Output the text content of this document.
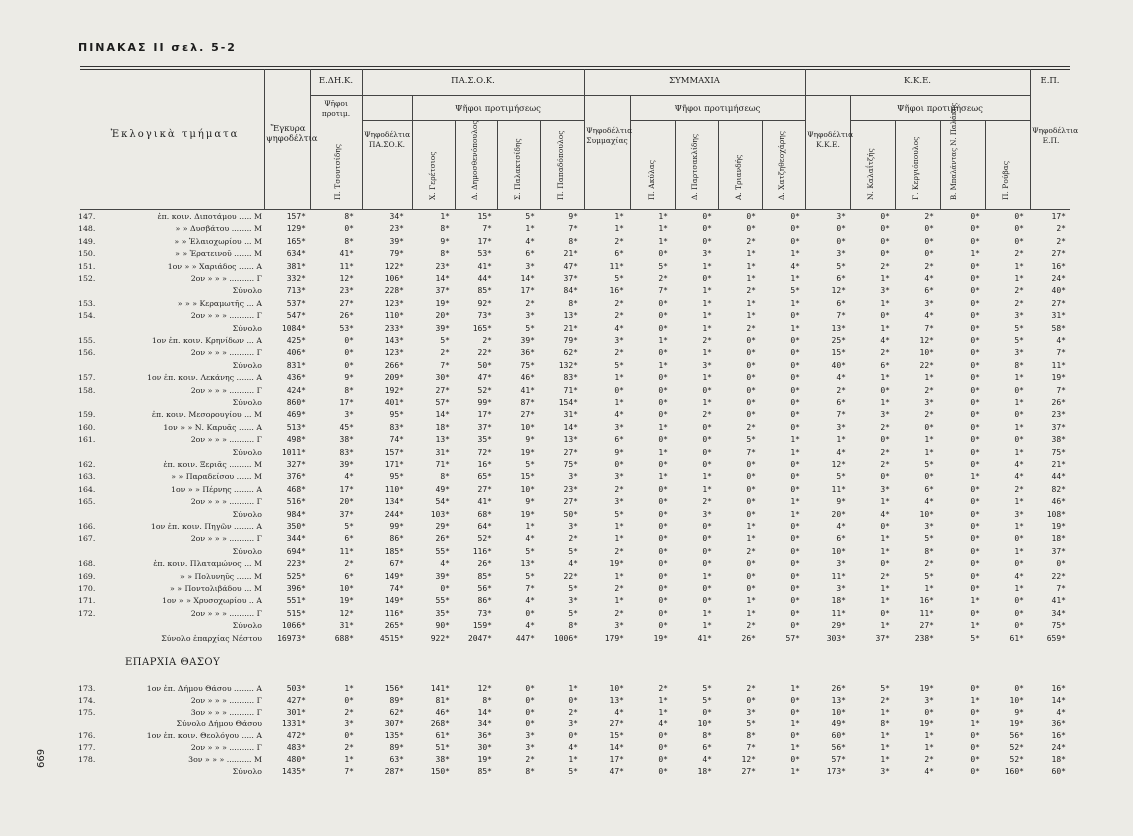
ΠΙΝΑΚΑΣ ΙΙ σελ. 5-2
Ἐκλογικὰ τμήματα	Ἔγκυρα ψηφοδέλτια
Ε.ΔΗ.Κ.	ΠΑ.Σ.Ο.Κ.	ΣΥΜΜΑΧΙΑ	Κ.Κ.Ε.	Ε.Π.
Ψῆφοι προτιμ.	Ψῆφοι προτιμήσεως	Ψῆφοι προτιμήσεως	Ψῆφοι προτιμήσεως
Ψηφοδέλτια ΠΑ.ΣΟ.Κ.
Ψηφοδέλτια Συμμαχίας
Ψηφοδέλτια Κ.Κ.Ε.
Ψηφοδέλτια Ε.Π.
Π. Τσουτσίδης	Χ. Γερέτσιος	Δ. Δημοσθενόπουλος	Σ. Παλακτσίδης	Π. Παπαδόπουλος	Π. Ακύλας	Δ. Παρτσακλίδης	Α. Τριανδής	Δ. Χατζηθεοχάρης	Ν. Καλαΐτζής	Γ. Κεργιόπουλος	Β. Μπαλάντας Ν. Παλάκης	Π. Ρούβας
147.	ἐπ. κοιν. Διποτάμου ..... Μ	157*	8*	34*	1*	15*	5*	9*	1*	1*	0*	0*	0*	3*	0*	2*	0*	0*	17*
148.	» » Δυσβάτου ........ Μ	129*	0*	23*	8*	7*	1*	7*	1*	1*	0*	0*	0*	0*	0*	0*	0*	0*	2*
149.	» » Ἐλαιοχωρίου ... Μ	165*	8*	39*	9*	17*	4*	8*	2*	1*	0*	2*	0*	0*	0*	0*	0*	0*	2*
150.	» » Ἐρατεινοῦ ....... Μ	634*	41*	79*	8*	53*	6*	21*	6*	0*	3*	1*	1*	3*	0*	0*	1*	2*	27*
151.	1ον » » Χαριάδος ...... Α	381*	11*	122*	23*	41*	3*	47*	11*	5*	1*	1*	4*	5*	2*	2*	0*	1*	16*
152.	2ον » » » .......... Γ	332*	12*	106*	14*	44*	14*	37*	5*	2*	0*	1*	1*	6*	1*	4*	0*	1*	24*
Σύνολο	713*	23*	228*	37*	85*	17*	84*	16*	7*	1*	2*	5*	12*	3*	6*	0*	2*	40*
153.	» » » Κεραμωτῆς ... Α	537*	27*	123*	19*	92*	2*	8*	2*	0*	1*	1*	1*	6*	1*	3*	0*	2*	27*
154.	2ον » » » .......... Γ	547*	26*	110*	20*	73*	3*	13*	2*	0*	1*	1*	0*	7*	0*	4*	0*	3*	31*
Σύνολο 1084*	53*	233*	39*	165*	5*	21*	4*	0*	1*	2*	1*	13*	1*	7*	0*	5*	58*
155.	1ον ἐπ. κοιν. Κρηνίδων ... Α	425*	0*	143*	5*	2*	39*	79*	3*	1*	2*	0*	0*	25*	4*	12*	0*	5*	4*
156.	2ον » » » .......... Γ	406*	0*	123*	2*	22*	36*	62*	2*	0*	1*	0*	0*	15*	2*	10*	0*	3*	7*
Σύνολο	831*	0*	266*	7*	50*	75*	132*	5*	1*	3*	0*	0*	40*	6*	22*	0*	8*	11*
157.	1ον ἐπ. κοιν. Λεκάνης ....... Α	436*	9*	209*	30*	47*	46*	83*	1*	0*	1*	0*	0*	4*	1*	1*	0*	1*	19*
158.	2ον » » » .......... Γ	424*	8*	192*	27*	52*	41*	71*	0*	0*	0*	0*	0*	2*	0*	2*	0*	0*	7*
Σύνολο	860*	17*	401*	57*	99*	87*	154*	1*	0*	1*	0*	0*	6*	1*	3*	0*	1*	26*
159.	ἐπ. κοιν. Μεσορουγίου ... Μ	469*	3*	95*	14*	17*	27*	31*	4*	0*	2*	0*	0*	7*	3*	2*	0*	0*	23*
160.	1ον » » Ν. Καρυᾶς ...... Α	513*	45*	83*	18*	37*	10*	14*	3*	1*	0*	2*	0*	3*	2*	0*	0*	1*	37*
161.	2ον » » » .......... Γ	498*	38*	74*	13*	35*	9*	13*	6*	0*	0*	5*	1*	1*	0*	1*	0*	0*	38*
Σύνολο 1011*	83*	157*	31*	72*	19*	27*	9*	1*	0*	7*	1*	4*	2*	1*	0*	1*	75*
162.	ἐπ. κοιν. Ξεριᾶς ......... Μ	327*	39*	171*	71*	16*	5*	75*	0*	0*	0*	0*	0*	12*	2*	5*	0*	4*	21*
163.	» » Παραδείσου ...... Μ	376*	4*	95*	8*	65*	15*	3*	3*	1*	1*	0*	0*	5*	0*	0*	1*	4*	44*
164.	1ον » » Πέρνης ........ Α	468*	17*	110*	49*	27*	10*	23*	2*	0*	1*	0*	0*	11*	3*	6*	0*	2*	82*
165.	2ον » » » .......... Γ	516*	20*	134*	54*	41*	9*	27*	3*	0*	2*	0*	1*	9*	1*	4*	0*	1*	46*
Σύνολο	984*	37*	244*	103*	68*	19*	50*	5*	0*	3*	0*	1*	20*	4*	10*	0*	3*	108*
166.	1ον ἐπ. κοιν. Πηγῶν ........ Α	350*	5*	99*	29*	64*	1*	3*	1*	0*	0*	1*	0*	4*	0*	3*	0*	1*	19*
167.	2ον » » » .......... Γ	344*	6*	86*	26*	52*	4*	2*	1*	0*	0*	1*	0*	6*	1*	5*	0*	0*	18*
Σύνολο	694*	11*	185*	55*	116*	5*	5*	2*	0*	0*	2*	0*	10*	1*	8*	0*	1*	37*
168.	ἐπ. κοιν. Πλαταμώνος ... Μ	223*	2*	67*	4*	26*	13*	4*	19*	0*	0*	0*	0*	3*	0*	2*	0*	0*	0*
169.	» » Πολυνηῦς ...... Μ	525*	6*	149*	39*	85*	5*	22*	1*	0*	1*	0*	0*	11*	2*	5*	0*	4*	22*
170.	» » Ποντολιβάδου ... Μ	396*	10*	74*	0*	56*	7*	5*	2*	0*	0*	0*	0*	3*	1*	1*	0*	1*	7*
171.	1ον » » Χρυσοχωρίου .. Α	551*	19*	149*	55*	86*	4*	3*	1*	0*	0*	1*	0*	18*	1*	16*	1*	0*	41*
172.	2ον » » » .......... Γ	515*	12*	116*	35*	73*	0*	5*	2*	0*	1*	1*	0*	11*	0*	11*	0*	0*	34*
Σύνολο 1066*	31*	265*	90*	159*	4*	8*	3*	0*	1*	2*	0*	29*	1*	27*	1*	0*	75*
Σύνολο ἐπαρχίας Νέστου 16973*	688*	4515*	922* 2047*	447* 1006*	179*	19*	41*	26*	57*	303*	37*	238*	5*	61*	659*
ΕΠΑΡΧΙΑ ΘΑΣΟΥ
173.	1ον ἐπ. Δήμου Θάσου ........ Α	503*	1*	156*	141*	12*	0*	1*	10*	2*	5*	2*	1*	26*	5*	19*	0*	0*	16*
174.	2ον » » » .......... Γ	427*	0*	89*	81*	8*	0*	0*	13*	1*	5*	0*	0*	13*	2*	3*	1*	10*	14*
175.	3ον » » » .......... Γ	301*	2*	62*	46*	14*	0*	2*	4*	1*	0*	3*	0*	10*	1*	0*	0*	9*	4*
Σύνολο Δήμου Θάσου 1331*	3*	307*	268*	34*	0*	3*	27*	4*	10*	5*	1*	49*	8*	19*	1*	19*	36*
176.	1ον ἐπ. κοιν. Θεολόγου ..... Α	472*	0*	135*	61*	36*	3*	0*	15*	0*	8*	8*	0*	60*	1*	1*	0*	56*	16*
177.	2ον » » » .......... Γ	483*	2*	89*	51*	30*	3*	4*	14*	0*	6*	7*	1*	56*	1*	1*	0*	52*	24*
178.	3ον » » » .......... Μ	480*	1*	63*	38*	19*	2*	1*	17*	0*	4*	12*	0*	57*	1*	2*	0*	52*	18*
Σύνολο 1435*	7*	287*	150*	85*	8*	5*	47*	0*	18*	27*	1*	173*	3*	4*	0*	160*	60*
669
